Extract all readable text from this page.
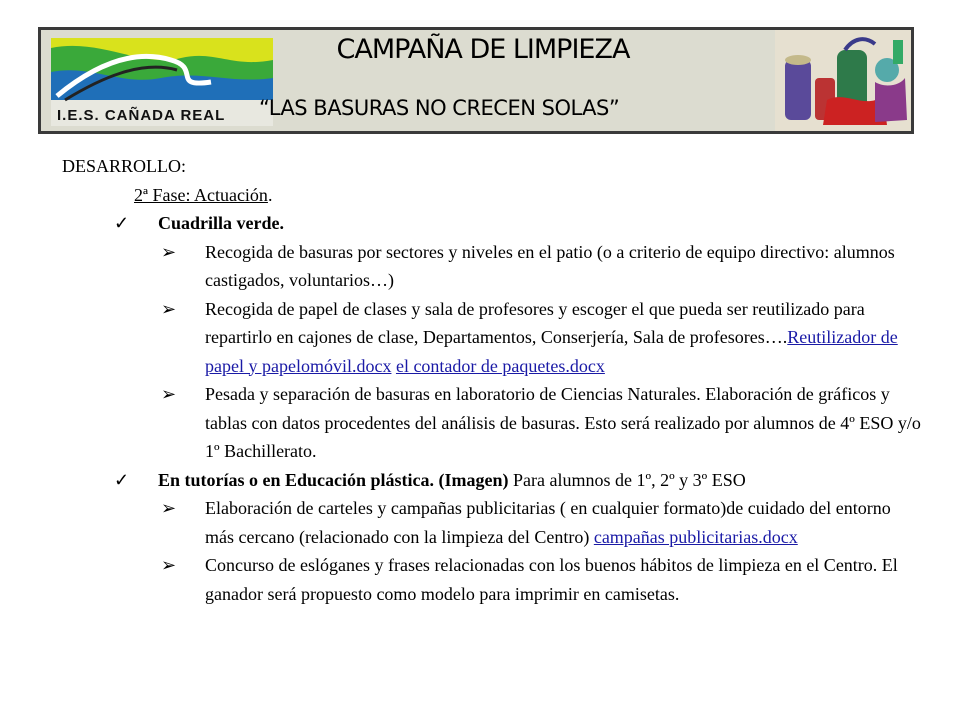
I.E.S. CAÑADA REAL
CAMPAÑA DE LIMPIEZA
“LAS BASURAS NO CRECEN SOLAS”

DESARROLLO:

2ª Fase: Actuación.
✓ Cuadrilla verde.
➢ Recogida de basuras por sectores y niveles en el patio (o a criterio de equipo directivo: alumnos castigados, voluntarios…)
➢ Recogida de papel de clases y sala de profesores y escoger el que pueda ser reutilizado para repartirlo en cajones de clase, Departamentos, Conserjería, Sala de profesores….Reutilizador de papel y papelomóvil.docx el contador de paquetes.docx
➢ Pesada y separación de basuras en laboratorio de Ciencias Naturales. Elaboración de gráficos y tablas con datos procedentes del análisis de basuras. Esto será realizado por alumnos de 4º ESO y/o 1º Bachillerato.
✓ En tutorías o en Educación plástica. (Imagen) Para alumnos de 1º, 2º y 3º ESO
➢ Elaboración de carteles y campañas publicitarias ( en cualquier formato)de cuidado del entorno más cercano (relacionado con la limpieza del Centro) campañas publicitarias.docx
➢ Concurso de eslóganes y frases relacionadas con los buenos hábitos de limpieza en el Centro. El ganador será propuesto como modelo para imprimir en camisetas.
